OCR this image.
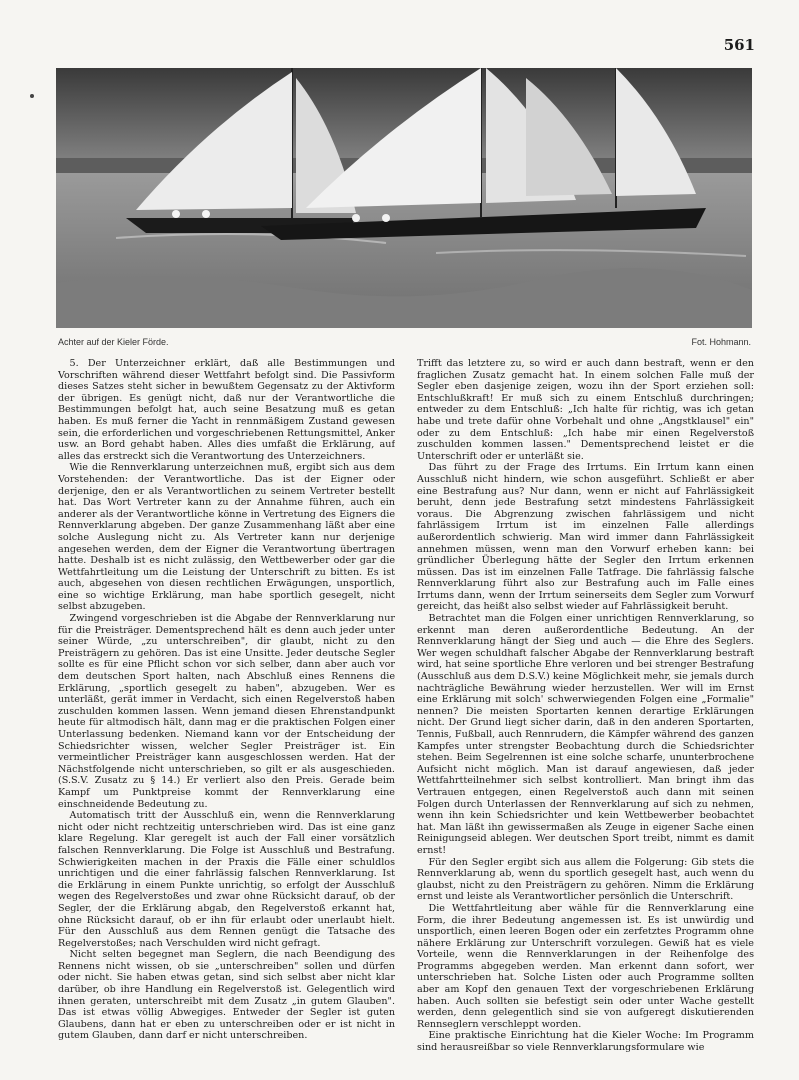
561
Achter auf der Kieler Förde.	Fot. Hohmann.

5. Der Unterzeichner erklärt, daß alle Bestimmungen und Vorschriften während dieser Wettfahrt befolgt sind. Die Passivform dieses Satzes steht sicher in bewußtem Gegensatz zu der Aktivform der übrigen. Es genügt nicht, daß nur der Verantwortliche die Bestimmungen befolgt hat, auch seine Besatzung muß es getan haben. Es muß ferner die Yacht in rennmäßigem Zustand gewesen sein, die erforderlichen und vorgeschriebenen Rettungsmittel, Anker usw. an Bord gehabt haben. Alles dies umfaßt die Erklärung, auf alles das erstreckt sich die Verantwortung des Unterzeichners.

Wie die Rennverklarung unterzeichnen muß, ergibt sich aus dem Vorstehenden: der Verantwortliche. Das ist der Eigner oder derjenige, den er als Verantwortlichen zu seinem Vertreter bestellt hat. Das Wort Vertreter kann zu der Annahme führen, auch ein anderer als der Verantwortliche könne in Vertretung des Eigners die Rennverklarung abgeben. Der ganze Zusammenhang läßt aber eine solche Auslegung nicht zu. Als Vertreter kann nur derjenige angesehen werden, dem der Eigner die Verantwortung übertragen hatte. Deshalb ist es nicht zulässig, den Wettbewerber oder gar die Wettfahrtleitung um die Leistung der Unterschrift zu bitten. Es ist auch, abgesehen von diesen rechtlichen Erwägungen, unsportlich, eine so wichtige Erklärung, man habe sportlich gesegelt, nicht selbst abzugeben.

Zwingend vorgeschrieben ist die Abgabe der Rennverklarung nur für die Preisträger. Dementsprechend hält es denn auch jeder unter seiner Würde, „zu unterschreiben", dir glaubt, nicht zu den Preisträgern zu gehören. Das ist eine Unsitte. Jeder deutsche Segler sollte es für eine Pflicht schon vor sich selber, dann aber auch vor dem deutschen Sport halten, nach Abschluß eines Rennens die Erklärung, „sportlich gesegelt zu haben", abzugeben. Wer es unterläßt, gerät immer in Verdacht, sich einen Regelverstoß haben zuschulden kommen lassen. Wenn jemand diesen Ehrenstandpunkt heute für altmodisch hält, dann mag er die praktischen Folgen einer Unterlassung bedenken. Niemand kann vor der Entscheidung der Schiedsrichter wissen, welcher Segler Preisträger ist. Ein vermeintlicher Preisträger kann ausgeschlossen werden. Hat der Nächstfolgende nicht unterschrieben, so gilt er als ausgeschieden. (S.S.V. Zusatz zu § 14.) Er verliert also den Preis. Gerade beim Kampf um Punktpreise kommt der Rennverklarung eine einschneidende Bedeutung zu.

Automatisch tritt der Ausschluß ein, wenn die Rennverklarung nicht oder nicht rechtzeitig unterschrieben wird. Das ist eine ganz klare Regelung. Klar geregelt ist auch der Fall einer vorsätzlich falschen Rennverklarung. Die Folge ist Ausschluß und Bestrafung. Schwierigkeiten machen in der Praxis die Fälle einer schuldlos unrichtigen und die einer fahrlässig falschen Rennverklarung. Ist die Erklärung in einem Punkte unrichtig, so erfolgt der Ausschluß wegen des Regelverstoßes und zwar ohne Rücksicht darauf, ob der Segler, der die Erklärung abgab, den Regelverstoß erkannt hat, ohne Rücksicht darauf, ob er ihn für erlaubt oder unerlaubt hielt. Für den Ausschluß aus dem Rennen genügt die Tatsache des Regelverstoßes; nach Verschulden wird nicht gefragt.

Nicht selten begegnet man Seglern, die nach Beendigung des Rennens nicht wissen, ob sie „unterschreiben" sollen und dürfen oder nicht. Sie haben etwas getan, sind sich selbst aber nicht klar darüber, ob ihre Handlung ein Regelverstoß ist. Gelegentlich wird ihnen geraten, unterschreibt mit dem Zusatz „in gutem Glauben". Das ist etwas völlig Abwegiges. Entweder der Segler ist guten Glaubens, dann hat er eben zu unterschreiben oder er ist nicht in gutem Glauben, dann darf er nicht unterschreiben.

Trifft das letztere zu, so wird er auch dann bestraft, wenn er den fraglichen Zusatz gemacht hat. In einem solchen Falle muß der Segler eben dasjenige zeigen, wozu ihn der Sport erziehen soll: Entschlußkraft! Er muß sich zu einem Entschluß durchringen; entweder zu dem Entschluß: „Ich halte für richtig, was ich getan habe und trete dafür ohne Vorbehalt und ohne „Angstklausel" ein" oder zu dem Entschluß: „Ich habe mir einen Regelverstoß zuschulden kommen lassen." Dementsprechend leistet er die Unterschrift oder er unterläßt sie.

Das führt zu der Frage des Irrtums. Ein Irrtum kann einen Ausschluß nicht hindern, wie schon ausgeführt. Schließt er aber eine Bestrafung aus? Nur dann, wenn er nicht auf Fahrlässigkeit beruht, denn jede Bestrafung setzt mindestens Fahrlässigkeit voraus. Die Abgrenzung zwischen fahrlässigem und nicht fahrlässigem Irrtum ist im einzelnen Falle allerdings außerordentlich schwierig. Man wird immer dann Fahrlässigkeit annehmen müssen, wenn man den Vorwurf erheben kann: bei gründlicher Überlegung hätte der Segler den Irrtum erkennen müssen. Das ist im einzelnen Falle Tatfrage. Die fahrlässig falsche Rennverklarung führt also zur Bestrafung auch im Falle eines Irrtums dann, wenn der Irrtum seinerseits dem Segler zum Vorwurf gereicht, das heißt also selbst wieder auf Fahrlässigkeit beruht.

Betrachtet man die Folgen einer unrichtigen Rennverklarung, so erkennt man deren außerordentliche Bedeutung. An der Rennverklarung hängt der Sieg und auch — die Ehre des Seglers. Wer wegen schuldhaft falscher Abgabe der Rennverklarung bestraft wird, hat seine sportliche Ehre verloren und bei strenger Bestrafung (Ausschluß aus dem D.S.V.) keine Möglichkeit mehr, sie jemals durch nachträgliche Bewährung wieder herzustellen. Wer will im Ernst eine Erklärung mit solch' schwerwiegenden Folgen eine „Formalie" nennen? Die meisten Sportarten kennen derartige Erklärungen nicht. Der Grund liegt sicher darin, daß in den anderen Sportarten, Tennis, Fußball, auch Rennrudern, die Kämpfer während des ganzen Kampfes unter strengster Beobachtung durch die Schiedsrichter stehen. Beim Segelrennen ist eine solche scharfe, ununterbrochene Aufsicht nicht möglich. Man ist darauf angewiesen, daß jeder Wettfahrtteilnehmer sich selbst kontrolliert. Man bringt ihm das Vertrauen entgegen, einen Regelverstoß auch dann mit seinen Folgen durch Unterlassen der Rennverklarung auf sich zu nehmen, wenn ihn kein Schiedsrichter und kein Wettbewerber beobachtet hat. Man läßt ihn gewissermaßen als Zeuge in eigener Sache einen Reinigungseid ablegen. Wer deutschen Sport treibt, nimmt es damit ernst!

Für den Segler ergibt sich aus allem die Folgerung: Gib stets die Rennverklarung ab, wenn du sportlich gesegelt hast, auch wenn du glaubst, nicht zu den Preisträgern zu gehören. Nimm die Erklärung ernst und leiste als Verantwortlicher persönlich die Unterschrift.

Die Wettfahrtleitung aber wähle für die Rennverklarung eine Form, die ihrer Bedeutung angemessen ist. Es ist unwürdig und unsportlich, einen leeren Bogen oder ein zerfetztes Programm ohne nähere Erklärung zur Unterschrift vorzulegen. Gewiß hat es viele Vorteile, wenn die Rennverklarungen in der Reihenfolge des Programms abgegeben werden. Man erkennt dann sofort, wer unterschrieben hat. Solche Listen oder auch Programme sollten aber am Kopf den genauen Text der vorgeschriebenen Erklärung haben. Auch sollten sie befestigt sein oder unter Wache gestellt werden, denn gelegentlich sind sie von aufgeregt diskutierenden Rennseglern verschleppt worden.

Eine praktische Einrichtung hat die Kieler Woche: Im Programm sind herausreißbar so viele Rennverklarungsformulare wie
